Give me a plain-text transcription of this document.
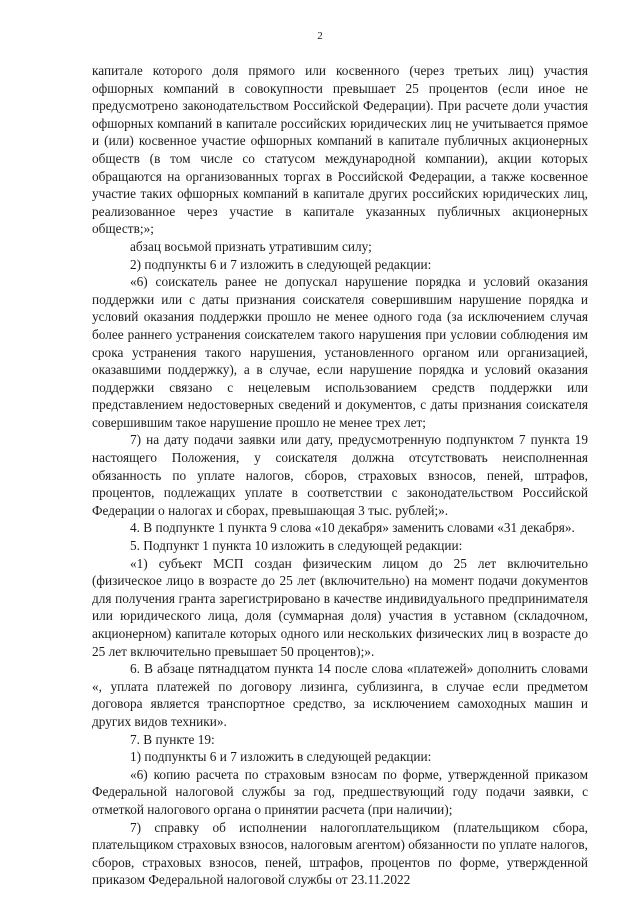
2

капитале которого доля прямого или косвенного (через третьих лиц) участия офшорных компаний в совокупности превышает 25 процентов (если иное не предусмотрено законодательством Российской Федерации). При расчете доли участия офшорных компаний в капитале российских юридических лиц не учитывается прямое и (или) косвенное участие офшорных компаний в капитале публичных акционерных обществ (в том числе со статусом международной компании), акции которых обращаются на организованных торгах в Российской Федерации, а также косвенное участие таких офшорных компаний в капитале других российских юридических лиц, реализованное через участие в капитале указанных публичных акционерных обществ;»;

абзац восьмой признать утратившим силу;

2) подпункты 6 и 7 изложить в следующей редакции:

«6) соискатель ранее не допускал нарушение порядка и условий оказания поддержки или с даты признания соискателя совершившим нарушение порядка и условий оказания поддержки прошло не менее одного года (за исключением случая более раннего устранения соискателем такого нарушения при условии соблюдения им срока устранения такого нарушения, установленного органом или организацией, оказавшими поддержку), а в случае, если нарушение порядка и условий оказания поддержки связано с нецелевым использованием средств поддержки или представлением недостоверных сведений и документов, с даты признания соискателя совершившим такое нарушение прошло не менее трех лет;

7) на дату подачи заявки или дату, предусмотренную подпунктом 7 пункта 19 настоящего Положения, у соискателя должна отсутствовать неисполненная обязанность по уплате налогов, сборов, страховых взносов, пеней, штрафов, процентов, подлежащих уплате в соответствии с законодательством Российской Федерации о налогах и сборах, превышающая 3 тыс. рублей;».

4. В подпункте 1 пункта 9 слова «10 декабря» заменить словами «31 декабря».

5. Подпункт 1 пункта 10 изложить в следующей редакции:

«1) субъект МСП создан физическим лицом до 25 лет включительно (физическое лицо в возрасте до 25 лет (включительно) на момент подачи документов для получения гранта зарегистрировано в качестве индивидуального предпринимателя или юридического лица, доля (суммарная доля) участия в уставном (складочном, акционерном) капитале которых одного или нескольких физических лиц в возрасте до 25 лет включительно превышает 50 процентов);».

6. В абзаце пятнадцатом пункта 14 после слова «платежей» дополнить словами «, уплата платежей по договору лизинга, сублизинга, в случае если предметом договора является транспортное средство, за исключением самоходных машин и других видов техники».

7. В пункте 19:

1) подпункты 6 и 7 изложить в следующей редакции:

«6) копию расчета по страховым взносам по форме, утвержденной приказом Федеральной налоговой службы за год, предшествующий году подачи заявки, с отметкой налогового органа о принятии расчета (при наличии);

7) справку об исполнении налогоплательщиком (плательщиком сбора, плательщиком страховых взносов, налоговым агентом) обязанности по уплате налогов, сборов, страховых взносов, пеней, штрафов, процентов по форме, утвержденной приказом Федеральной налоговой службы от 23.11.2022
